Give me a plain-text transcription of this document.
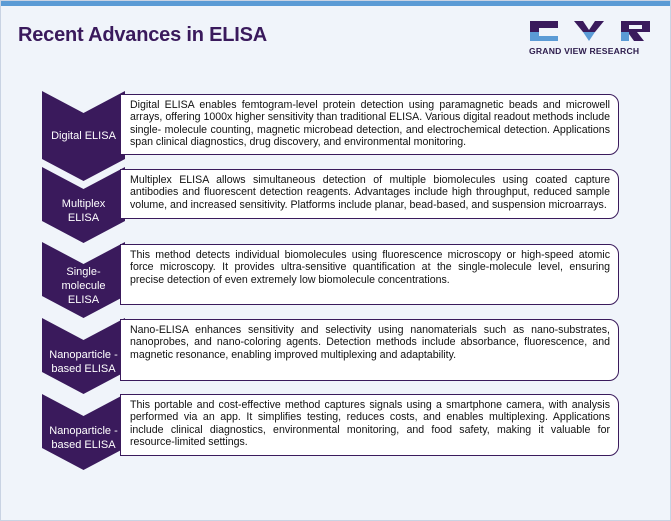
Recent Advances in ELISA
GRAND VIEW RESEARCH
Digital ELISA
Digital ELISA enables femtogram-level protein detection using paramagnetic beads and microwell arrays, offering 1000x higher sensitivity than traditional ELISA. Various digital readout methods include single- molecule counting, magnetic microbead detection, and electrochemical detection. Applications span clinical diagnostics, drug discovery, and environmental monitoring.
Multiplex ELISA
Multiplex ELISA allows simultaneous detection of multiple biomolecules using coated capture antibodies and fluorescent detection reagents. Advantages include high throughput, reduced sample volume, and increased sensitivity. Platforms include planar, bead-based, and suspension microarrays.
Single-molecule ELISA
This method detects individual biomolecules using fluorescence microscopy or high-speed atomic force microscopy. It provides ultra-sensitive quantification at the single-molecule level, ensuring precise detection of even extremely low biomolecule concentrations.
Nanoparticle -based ELISA
Nano-ELISA enhances sensitivity and selectivity using nanomaterials such as nano-substrates, nanoprobes, and nano-coloring agents. Detection methods include absorbance, fluorescence, and magnetic resonance, enabling improved multiplexing and adaptability.
Nanoparticle -based ELISA
This portable and cost-effective method captures signals using a smartphone camera, with analysis performed via an app. It simplifies testing, reduces costs, and enables multiplexing. Applications include clinical diagnostics, environmental monitoring, and food safety, making it valuable for resource-limited settings.
